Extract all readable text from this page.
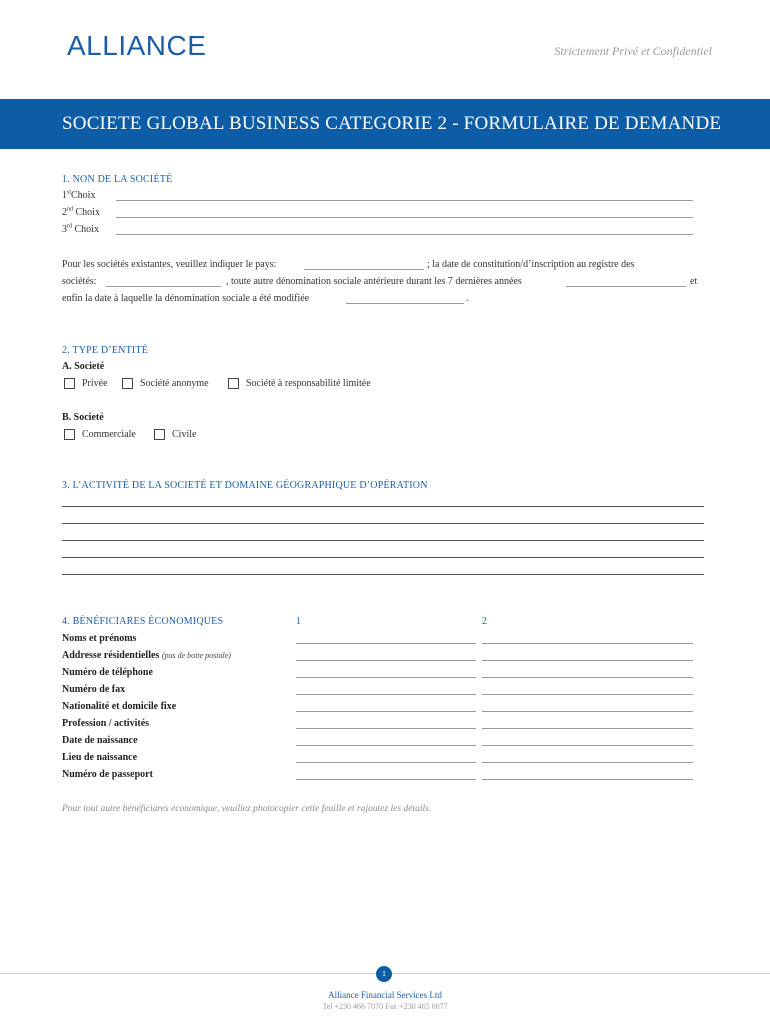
ALLIANCE	Strictement Privé et Confidentiel
SOCIETE GLOBAL BUSINESS CATEGORIE 2 - FORMULAIRE DE DEMANDE
1. NON DE LA SOCIÉTÉ
1stChoix
2nd Choix
3rd Choix
Pour les sociétés existantes, veuillez indiquer le pays:	; la date de constitution/d’inscription au registre des
sociétés:	, toute autre dénomination sociale antérieure durant les 7 dernières années	et
enfin la date à laquelle la dénomination sociale a été modifiée	.
2. TYPE D’ENTITÉ
A. Societé
Privée	Société anonyme	Société à responsabilité limitée
B. Societé
Commerciale	Civile
3. L’ACTIVITÉ DE LA SOCIETÉ ET DOMAINE GÉOGRAPHIQUE D’OPÉRATION
4. BÉNÉFICIARES ÉCONOMIQUES	1	2
Noms et prénoms
Addresse résidentielles (pas de boite postale)
Numéro de téléphone
Numéro de fax
Nationalité et domicile fixe
Profession / activités
Date de naissance
Lieu de naissance
Numéro de passeport
Pour tout autre bénéficiares économique, veuillez photocopier cette feuille et rajoutez les détails.
1
Alliance Financial Services Ltd
Tel +230 466 7070 Fax +230 465 0077
